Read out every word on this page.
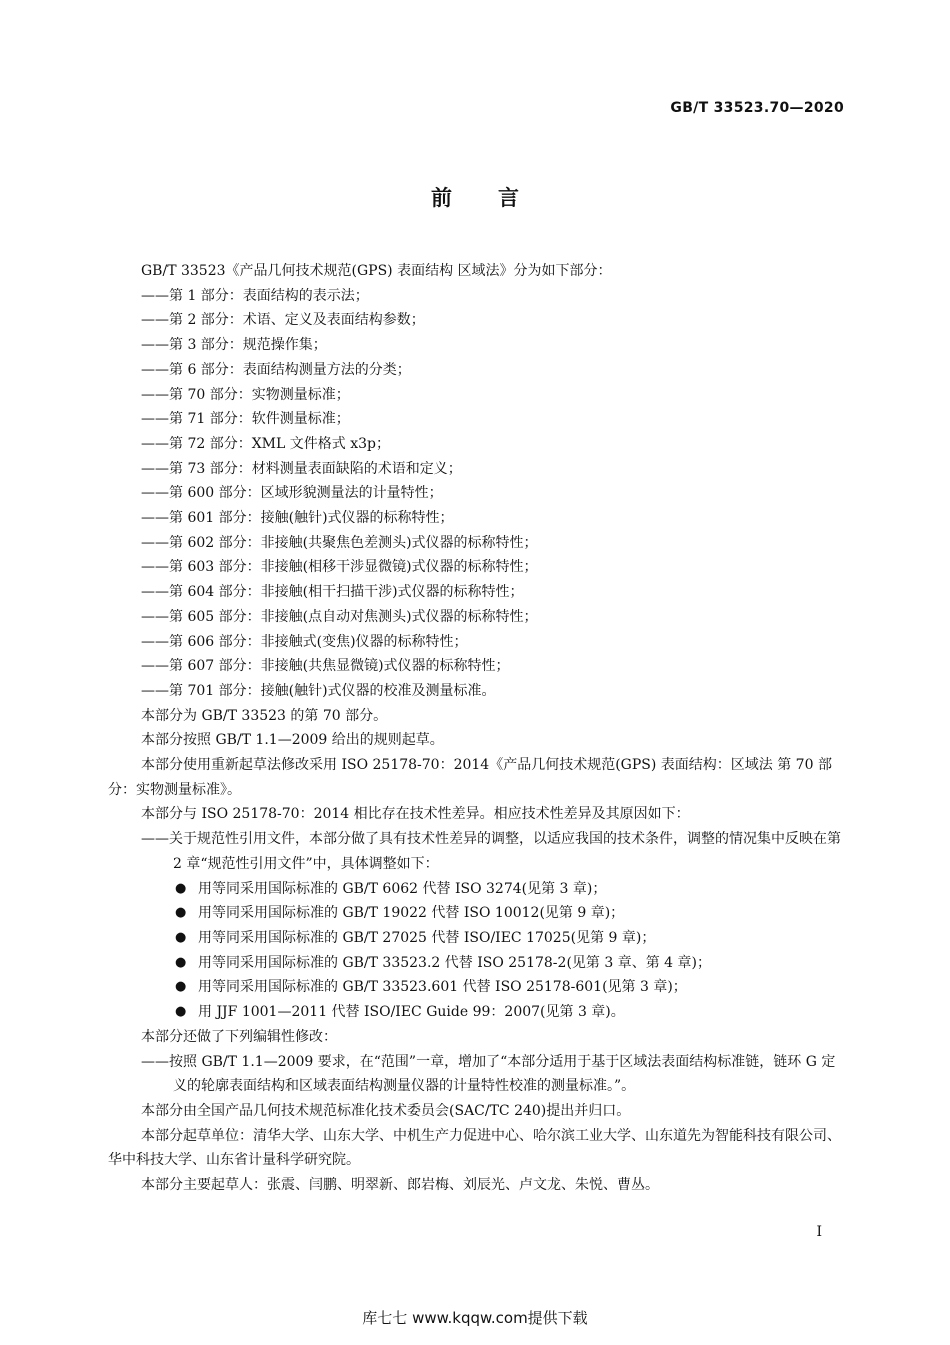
GB/T 33523.70—2020
前言

GB/T 33523《产品几何技术规范(GPS) 表面结构 区域法》分为如下部分：

——第 1 部分：表面结构的表示法；

——第 2 部分：术语、定义及表面结构参数；

——第 3 部分：规范操作集；

——第 6 部分：表面结构测量方法的分类；

——第 70 部分：实物测量标准；

——第 71 部分：软件测量标准；

——第 72 部分：XML 文件格式 x3p；

——第 73 部分：材料测量表面缺陷的术语和定义；

——第 600 部分：区域形貌测量法的计量特性；

——第 601 部分：接触(触针)式仪器的标称特性；

——第 602 部分：非接触(共聚焦色差测头)式仪器的标称特性；

——第 603 部分：非接触(相移干涉显微镜)式仪器的标称特性；

——第 604 部分：非接触(相干扫描干涉)式仪器的标称特性；

——第 605 部分：非接触(点自动对焦测头)式仪器的标称特性；

——第 606 部分：非接触式(变焦)仪器的标称特性；

——第 607 部分：非接触(共焦显微镜)式仪器的标称特性；

——第 701 部分：接触(触针)式仪器的校准及测量标准。

本部分为 GB/T 33523 的第 70 部分。

本部分按照 GB/T 1.1—2009 给出的规则起草。

本部分使用重新起草法修改采用 ISO 25178-70：2014《产品几何技术规范(GPS) 表面结构：区域法 第 70 部分：实物测量标准》。

本部分与 ISO 25178-70：2014 相比存在技术性差异。相应技术性差异及其原因如下：

——关于规范性引用文件，本部分做了具有技术性差异的调整，以适应我国的技术条件，调整的情况集中反映在第 2 章“规范性引用文件”中，具体调整如下：

● 用等同采用国际标准的 GB/T 6062 代替 ISO 3274(见第 3 章)；

● 用等同采用国际标准的 GB/T 19022 代替 ISO 10012(见第 9 章)；

● 用等同采用国际标准的 GB/T 27025 代替 ISO/IEC 17025(见第 9 章)；

● 用等同采用国际标准的 GB/T 33523.2 代替 ISO 25178-2(见第 3 章、第 4 章)；

● 用等同采用国际标准的 GB/T 33523.601 代替 ISO 25178-601(见第 3 章)；

● 用 JJF 1001—2011 代替 ISO/IEC Guide 99：2007(见第 3 章)。

本部分还做了下列编辑性修改：

——按照 GB/T 1.1—2009 要求，在“范围”一章，增加了“本部分适用于基于区域法表面结构标准链，链环 G 定义的轮廓表面结构和区域表面结构测量仪器的计量特性校准的测量标准。”。

本部分由全国产品几何技术规范标准化技术委员会(SAC/TC 240)提出并归口。

本部分起草单位：清华大学、山东大学、中机生产力促进中心、哈尔滨工业大学、山东道先为智能科技有限公司、华中科技大学、山东省计量科学研究院。

本部分主要起草人：张震、闫鹏、明翠新、郎岩梅、刘辰光、卢文龙、朱悦、曹丛。

I
库七七 www.kqqw.com提供下载
